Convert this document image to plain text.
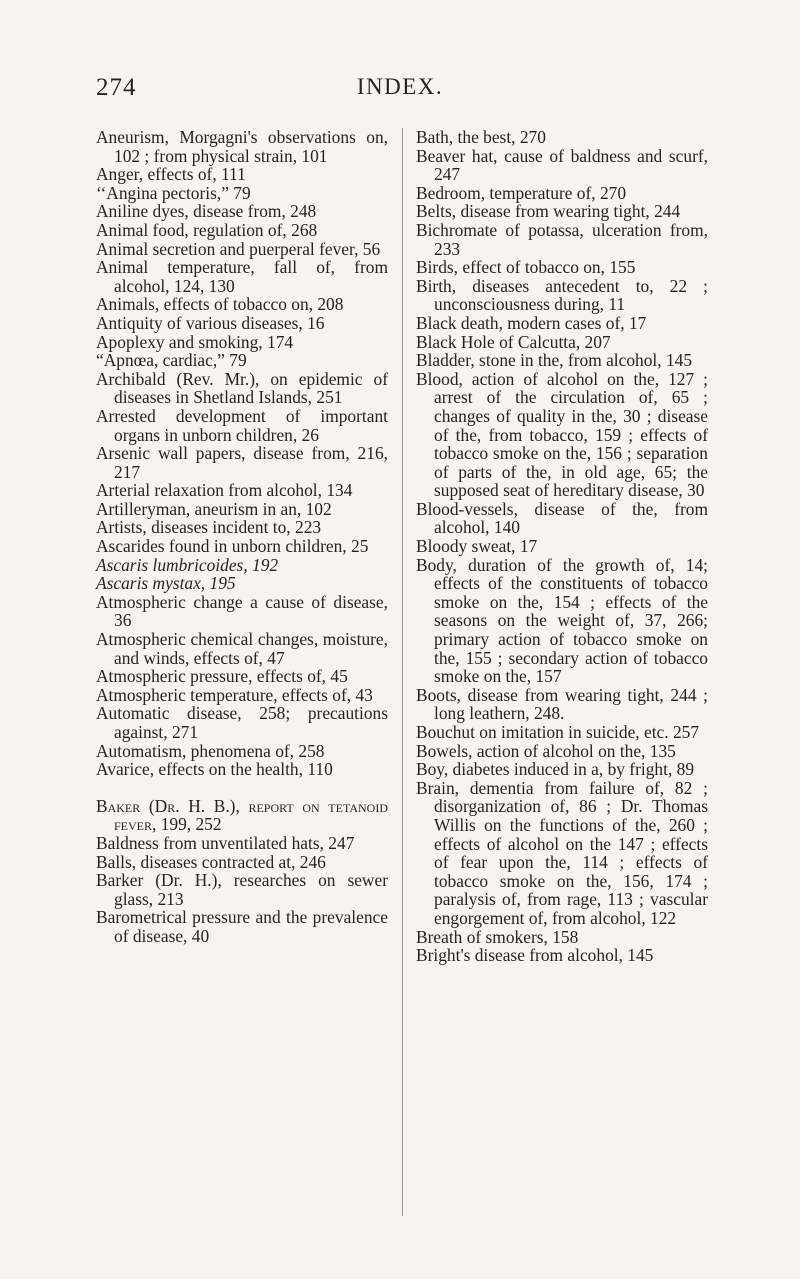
274	INDEX.

Aneurism, Morgagni's observations on, 102 ; from physical strain, 101

Anger, effects of, 111

‘‘Angina pectoris,” 79

Aniline dyes, disease from, 248

Animal food, regulation of, 268

Animal secretion and puerperal fever, 56

Animal temperature, fall of, from alcohol, 124, 130

Animals, effects of tobacco on, 208

Antiquity of various diseases, 16

Apoplexy and smoking, 174

“Apnœa, cardiac,” 79

Archibald (Rev. Mr.), on epidemic of diseases in Shetland Islands, 251

Arrested development of important organs in unborn children, 26

Arsenic wall papers, disease from, 216, 217

Arterial relaxation from alcohol, 134

Artilleryman, aneurism in an, 102

Artists, diseases incident to, 223

Ascarides found in unborn children, 25

Ascaris lumbricoides, 192

Ascaris mystax, 195

Atmospheric change a cause of disease, 36

Atmospheric chemical changes, moisture, and winds, effects of, 47

Atmospheric pressure, effects of, 45

Atmospheric temperature, effects of, 43

Automatic disease, 258; precautions against, 271

Automatism, phenomena of, 258

Avarice, effects on the health, 110

Baker (Dr. H. B.), report on tetanoid fever, 199, 252

Baldness from unventilated hats, 247

Balls, diseases contracted at, 246

Barker (Dr. H.), researches on sewer glass, 213

Barometrical pressure and the prevalence of disease, 40

Bath, the best, 270

Beaver hat, cause of baldness and scurf, 247

Bedroom, temperature of, 270

Belts, disease from wearing tight, 244

Bichromate of potassa, ulceration from, 233

Birds, effect of tobacco on, 155

Birth, diseases antecedent to, 22 ; unconsciousness during, 11

Black death, modern cases of, 17

Black Hole of Calcutta, 207

Bladder, stone in the, from alcohol, 145

Blood, action of alcohol on the, 127 ; arrest of the circulation of, 65 ; changes of quality in the, 30 ; disease of the, from tobacco, 159 ; effects of tobacco smoke on the, 156 ; separation of parts of the, in old age, 65; the supposed seat of hereditary disease, 30

Blood-vessels, disease of the, from alcohol, 140

Bloody sweat, 17

Body, duration of the growth of, 14; effects of the constituents of tobacco smoke on the, 154 ; effects of the seasons on the weight of, 37, 266; primary action of tobacco smoke on the, 155 ; secondary action of tobacco smoke on the, 157

Boots, disease from wearing tight, 244 ; long leathern, 248.

Bouchut on imitation in suicide, etc. 257

Bowels, action of alcohol on the, 135

Boy, diabetes induced in a, by fright, 89

Brain, dementia from failure of, 82 ; disorganization of, 86 ; Dr. Thomas Willis on the functions of the, 260 ; effects of alcohol on the 147 ; effects of fear upon the, 114 ; effects of tobacco smoke on the, 156, 174 ; paralysis of, from rage, 113 ; vascular engorgement of, from alcohol, 122

Breath of smokers, 158

Bright's disease from alcohol, 145
